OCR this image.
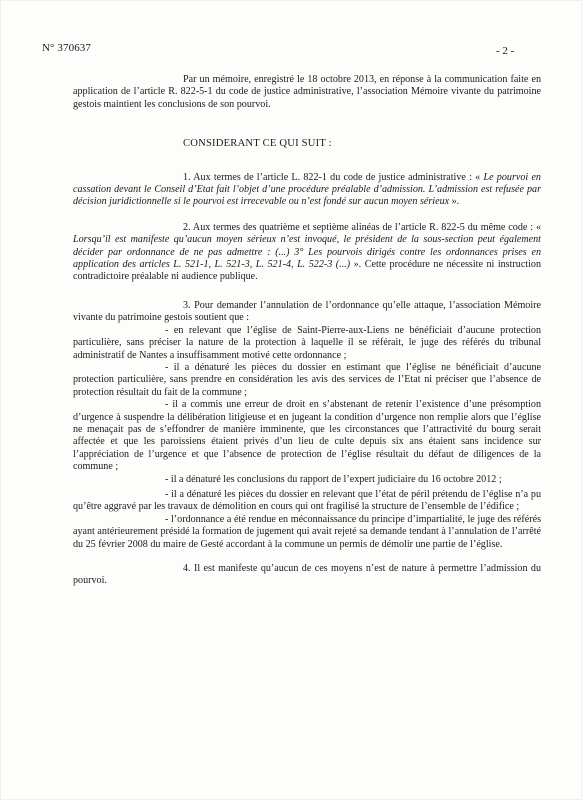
N° 370637	- 2 -

Par un mémoire, enregistré le 18 octobre 2013, en réponse à la communication faite en application de l’article R. 822-5-1 du code de justice administrative, l’association Mémoire vivante du patrimoine gestois maintient les conclusions de son pourvoi.

CONSIDERANT CE QUI SUIT :

1. Aux termes de l’article L. 822-1 du code de justice administrative : « Le pourvoi en cassation devant le Conseil d’Etat fait l’objet d’une procédure préalable d’admission. L’admission est refusée par décision juridictionnelle si le pourvoi est irrecevable ou n’est fondé sur aucun moyen sérieux ».

2. Aux termes des quatrième et septième alinéas de l’article R. 822-5 du même code : « Lorsqu’il est manifeste qu’aucun moyen sérieux n’est invoqué, le président de la sous-section peut également décider par ordonnance de ne pas admettre : (...) 3° Les pourvois dirigés contre les ordonnances prises en application des articles L. 521-1, L. 521-3, L. 521-4, L. 522-3 (...) ». Cette procédure ne nécessite ni instruction contradictoire préalable ni audience publique.

3. Pour demander l’annulation de l’ordonnance qu’elle attaque, l’association Mémoire vivante du patrimoine gestois soutient que :

- en relevant que l’église de Saint-Pierre-aux-Liens ne bénéficiait d’aucune protection particulière, sans préciser la nature de la protection à laquelle il se référait, le juge des référés du tribunal administratif de Nantes a insuffisamment motivé cette ordonnance ;

- il a dénaturé les pièces du dossier en estimant que l’église ne bénéficiait d’aucune protection particulière, sans prendre en considération les avis des services de l’Etat ni préciser que l’absence de protection résultait du fait de la commune ;

- il a commis une erreur de droit en s’abstenant de retenir l’existence d’une présomption d’urgence à suspendre la délibération litigieuse et en jugeant la condition d’urgence non remplie alors que l’église ne menaçait pas de s’effondrer de manière imminente, que les circonstances que l’attractivité du bourg serait affectée et que les paroissiens étaient privés d’un lieu de culte depuis six ans étaient sans incidence sur l’appréciation de l’urgence et que l’absence de protection de l’église résultait du défaut de diligences de la commune ;

- il a dénaturé les conclusions du rapport de l’expert judiciaire du 16 octobre 2012 ;

- il a dénaturé les pièces du dossier en relevant que l’état de péril prétendu de l’église n’a pu qu’être aggravé par les travaux de démolition en cours qui ont fragilisé la structure de l’ensemble de l’édifice ;

- l’ordonnance a été rendue en méconnaissance du principe d’impartialité, le juge des référés ayant antérieurement présidé la formation de jugement qui avait rejeté sa demande tendant à l’annulation de l’arrêté du 25 février 2008 du maire de Gesté accordant à la commune un permis de démolir une partie de l’église.

4. Il est manifeste qu’aucun de ces moyens n’est de nature à permettre l’admission du pourvoi.
